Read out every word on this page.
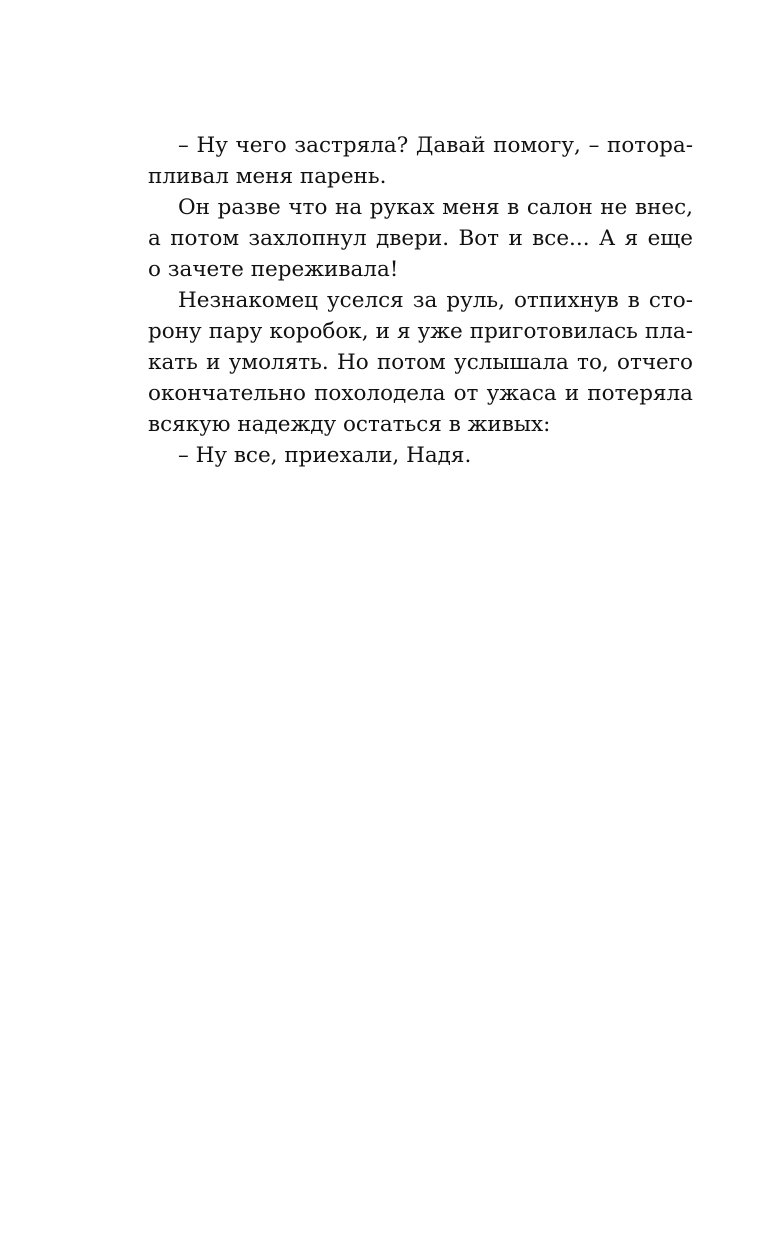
– Ну чего застряла? Давай помогу, – потора-
пливал меня парень.
Он разве что на руках меня в салон не внес,
а потом захлопнул двери. Вот и все... А я еще
о зачете переживала!
Незнакомец уселся за руль, отпихнув в сто-
рону пару коробок, и я уже приготовилась пла-
кать и умолять. Но потом услышала то, отчего
окончательно похолодела от ужаса и потеряла
всякую надежду остаться в живых:
– Ну все, приехали, Надя.
